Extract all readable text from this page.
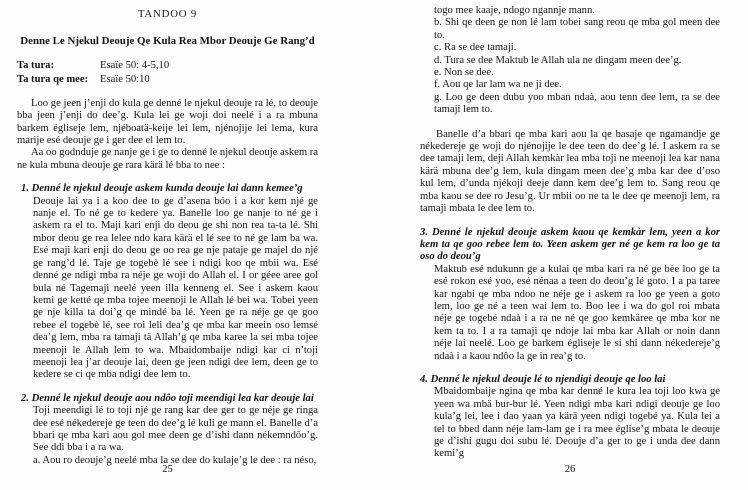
TANDOO 9
Denne Le Njekul Deouje Qe Kula Rea Mbor Deouje Ge Rang’d
Ta tura:	Esaïe 50: 4-5,10
Ta tura qe mee:	Esaïe 50:10

Loo ge jeen j’enji do kula ge denné le njekul deouje ra lé, to deouje bba jeen j’enji do dee’g. Kula lei ge woji doi neelé i a ra mbuna barkem égliseje lem, njéboatä-keije lei lem, njénojije lei lema, kura marije esé deouje ge i ger dee el lem to.

Aa oo godnduje ge nanje ge i ge to denné le njekul deouje askem ra ne kula mbuna deouje ge rara kärä lé bba to nee :

1. Denné le njekul deouje askem kunda deouje lai dann kemee’g
Deouje lai ya i a koo dee to ge d’asena bóo i a kor kem njé ge nanje el. To né ge to kedere ya. Banelle loo ge nanje to né ge i askem ra el to. Maji kari enji do deou ge shi non rea ta-ta lé. Shi mbor deou ge rea lelee ndo kara kärä el lé see to né ge lam ba wa. Esé maji kari enji do deou ge oo rea ge nje pataje ge majel do njé ge rang’d lé. Taje ge togebè lé see i ndigi koo qe mbii wa. Esé denné ge ndigi mba ra néje ge woji do Allah el. I or géee aree gol bula né Tagemaji neelé yeen illa kenneng el. See i askem kaou kemi ge ketté qe mba tojee meenoji le Allah lé bei wa. Tobei yeen ge nje killa ta doi’g qe mindé ba lé. Yeen ge ra néje ge qe goo rebee el togebè lé, see roi leli dea’g qe mba kar meein oso lemsé dea’g lem, mba ra tamaji tä Allah’g qe mba karee la sei mba tojee meenoji le Allah lem to wa. Mbaidombaije ndigi kar ci n’toji meenoji lea j’ar deouje lai, deen ge jeen ndigi dee lem, deen ge to kedere se ci qe mba ndigi dee lem to.
2. Denné le njekul deouje aou ndôo toji meendigi lea kar deouje lai
Toji meendigi lé to toji njé ge rang kar dee ger to ge néje ge ringa dee esé nékedereje ge teen do dee’g lé kuli ge mann el. Banelle d’a bbari qe mba kari aou gol mee deen ge d’ishi dann nékemndôo’g. See ddi bba i a ra wa.
a. Aou ro deouje’g neelé mba la se dee do kulaje’g le dee : ra néso,
25
togo mee kaaje, ndogo ngannje mann.
b. Shi qe deen ge non lé lam tobei sang reou qe mba gol meen dee to.
c. Ra se dee tamaji.
d. Tura se dee Maktub le Allah ula ne dingam meen dee’g.
e. Non se dee.
f. Aou qe lar lam wa ne ji dee.
g. Loo ge deen dubu yoo mban ndaà, aou tenn dee lem, ra se dee tamaji lem to.

Banelle d’a bbari qe mba kari aou la qe basaje qe ngamandje ge nékedereje ge woji do njénojije le dee teen do dee’g lé. I askem ra se dee tamaji lem, deji Allah kemkàr lea mba toji ne meenoji lea kar nana kärä mbuna dee’g lem, kula dingam meen dee’g mba kar dee d’oso kul lem, d’unda njékoji deeje dann kem dee’g lem to. Sang reou qe mba kaou se dee ro Jesu’g. Ur mbii oo ne ta le dee qe meenoji lem, ra tamaji mbata le dee lem to.

3. Denné le njekul deouje askem kaou qe kemkàr lem, yeen a kor kem ta qe goo rebee lem to. Yeen askem ger né ge kem ra loo ge ta oso do deou’g
Maktub esé ndukunn ge a kulai qe mba kari ra né ge bèe loo ge ta esé rokon esé yoo, esé nénaa a teen do deou’g lé goto. I a pa taree kar ngabi qe mba ndoo ne néje ge i askem ra loo ge yeen a goto lem, loo ge né a teen wai lem to. Boo lee i wa do gol roi mbata néje ge togebé ndaà i a ra ne né qe goo kemkäree qe mba kor ne kem ta to. I a ra tamaji qe ndoje lai mba kar Allah or noin dann néje lai neelé. Loo ge barkem égliseje le si shi dann nékedereje’g ndaà i a kaou ndôo la ge in rea’g to.
4. Denné le njekul deouje lé to njendigi deouje qe loo lai
Mbaidombaije ngina qe mba kar denné le kura lea toji loo kwa ge yeen wa mbä bur-bur lé. Yeen ndigi mba kari ndigi deouje ge loo kula’g lei, lee i dao yaan ya kärä yeen ndigi togebé ya. Kula lei a tel to bbed dann néje lam-lam ge i ra mee église’g mbata le deouje ge d’ishi gugu doi subu lé. Deouje d’a ger to ge i unda dee dann kemi’g
26
